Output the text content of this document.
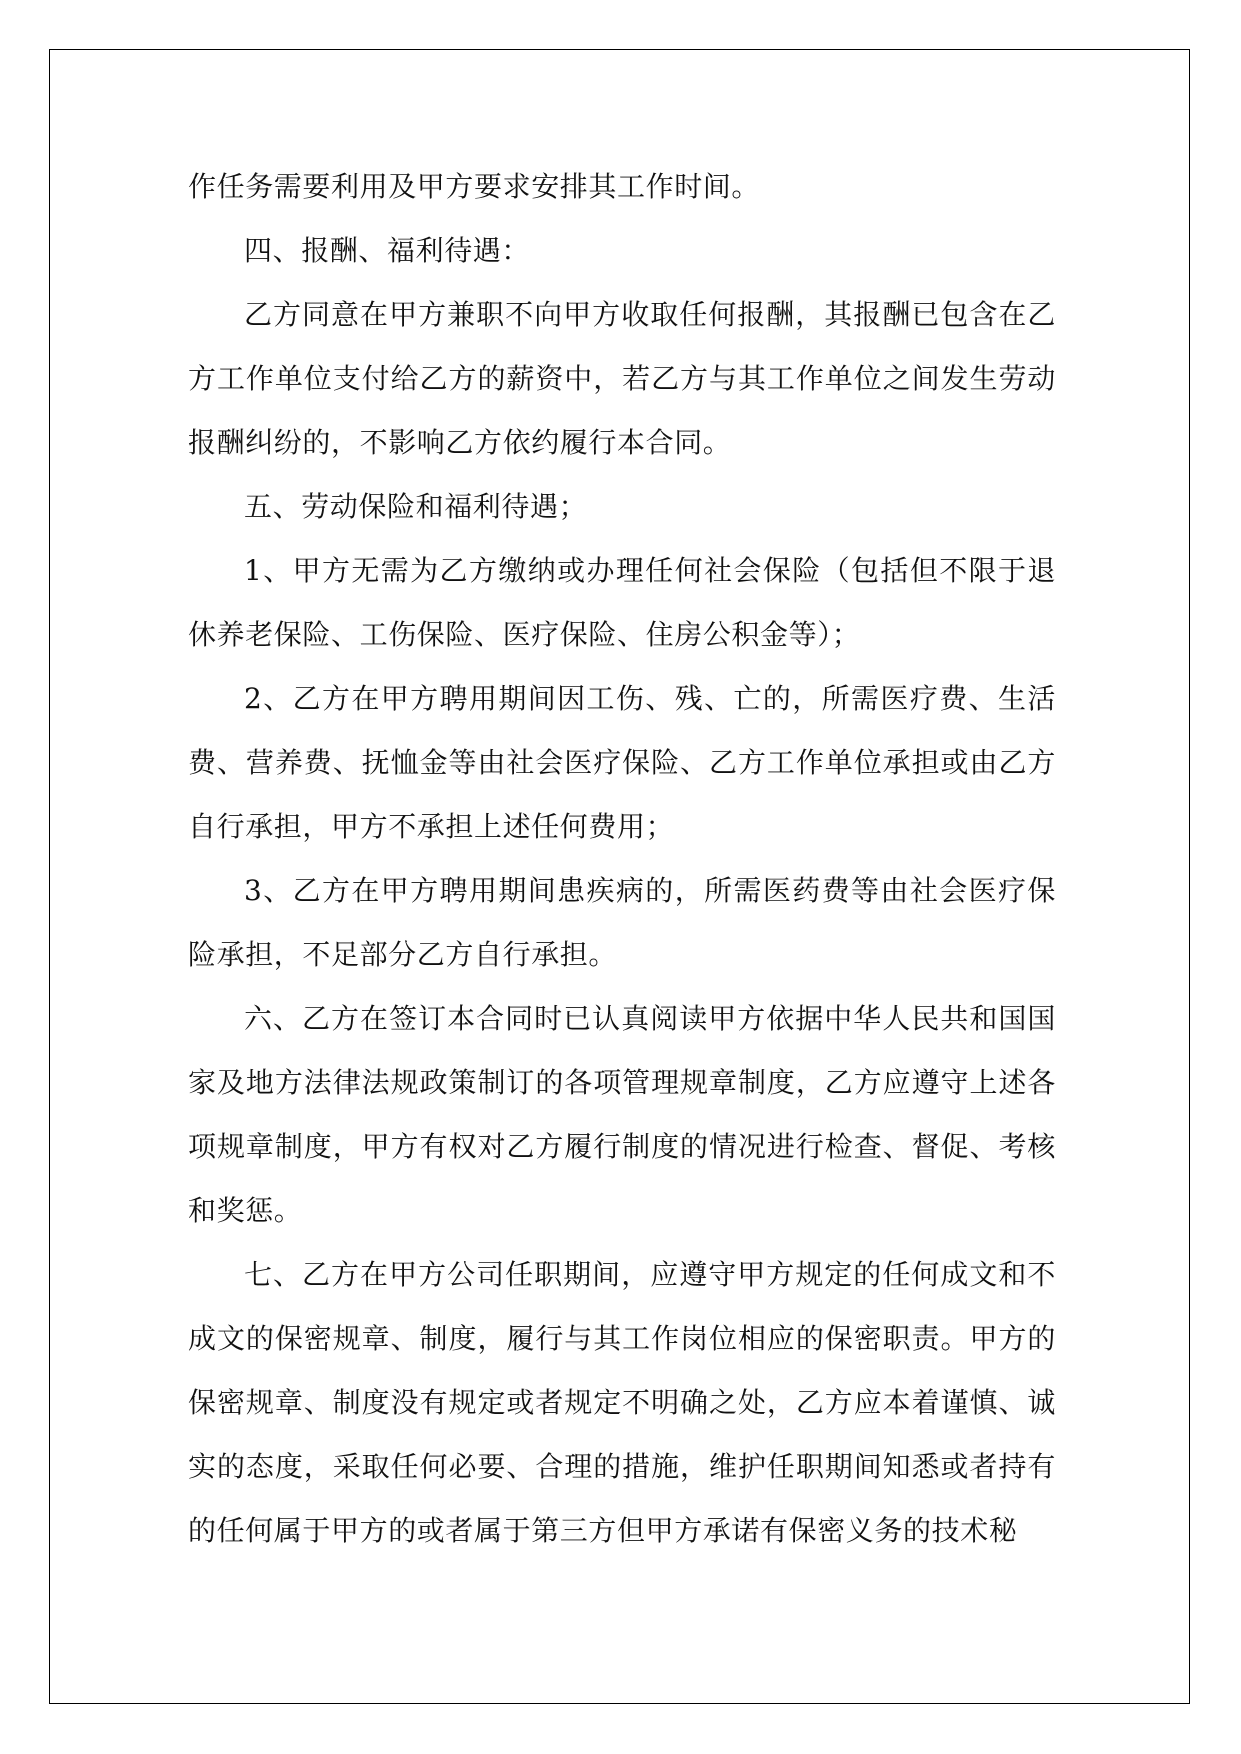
作任务需要利用及甲方要求安排其工作时间。

四、报酬、福利待遇：

乙方同意在甲方兼职不向甲方收取任何报酬，其报酬已包含在乙方工作单位支付给乙方的薪资中，若乙方与其工作单位之间发生劳动报酬纠纷的，不影响乙方依约履行本合同。

五、劳动保险和福利待遇；

1、甲方无需为乙方缴纳或办理任何社会保险（包括但不限于退休养老保险、工伤保险、医疗保险、住房公积金等）；

2、乙方在甲方聘用期间因工伤、残、亡的，所需医疗费、生活费、营养费、抚恤金等由社会医疗保险、乙方工作单位承担或由乙方自行承担，甲方不承担上述任何费用；

3、乙方在甲方聘用期间患疾病的，所需医药费等由社会医疗保险承担，不足部分乙方自行承担。

六、乙方在签订本合同时已认真阅读甲方依据中华人民共和国国家及地方法律法规政策制订的各项管理规章制度，乙方应遵守上述各项规章制度，甲方有权对乙方履行制度的情况进行检查、督促、考核和奖惩。

七、乙方在甲方公司任职期间，应遵守甲方规定的任何成文和不成文的保密规章、制度，履行与其工作岗位相应的保密职责。甲方的保密规章、制度没有规定或者规定不明确之处，乙方应本着谨慎、诚实的态度，采取任何必要、合理的措施，维护任职期间知悉或者持有的任何属于甲方的或者属于第三方但甲方承诺有保密义务的技术秘
